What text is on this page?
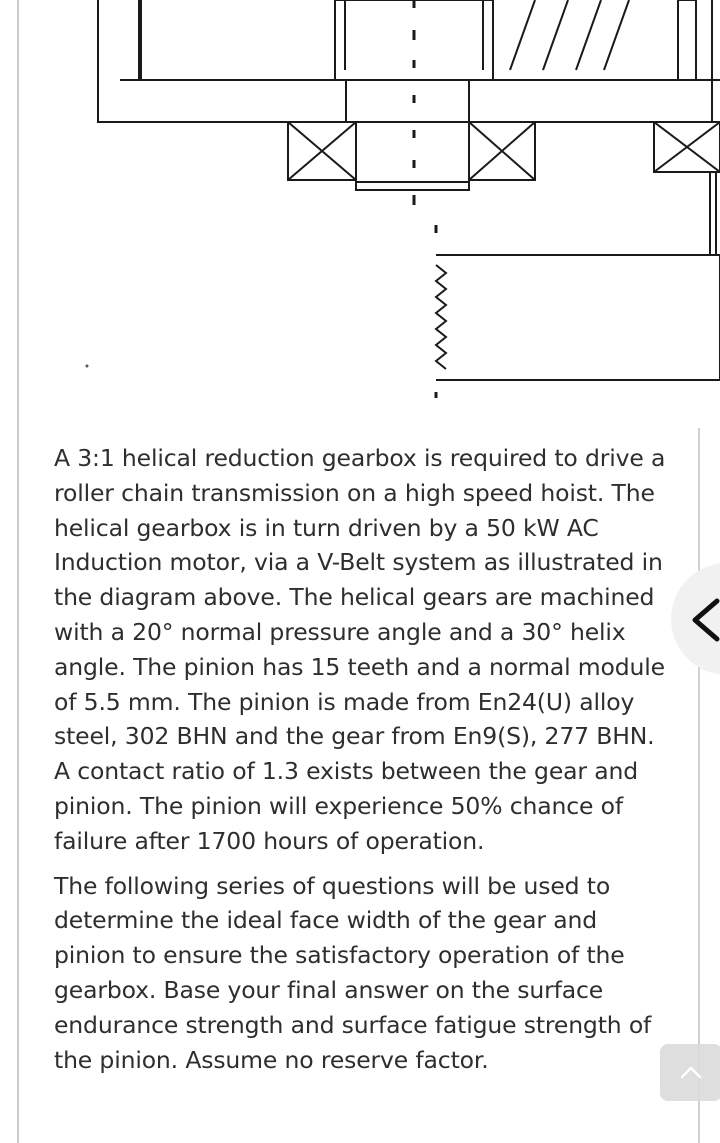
A 3:1 helical reduction gearbox is required to drive a roller chain transmission on a high speed hoist. The helical gearbox is in turn driven by a 50 kW AC Induction motor, via a V-Belt system as illustrated in the diagram above. The helical gears are machined with a 20° normal pressure angle and a 30° helix angle. The pinion has 15 teeth and a normal module of 5.5 mm. The pinion is made from En24(U) alloy steel, 302 BHN and the gear from En9(S), 277 BHN. A contact ratio of 1.3 exists between the gear and pinion. The pinion will experience 50% chance of failure after 1700 hours of operation.

The following series of questions will be used to determine the ideal face width of the gear and pinion to ensure the satisfactory operation of the gearbox. Base your final answer on the surface endurance strength and surface fatigue strength of the pinion. Assume no reserve factor.
